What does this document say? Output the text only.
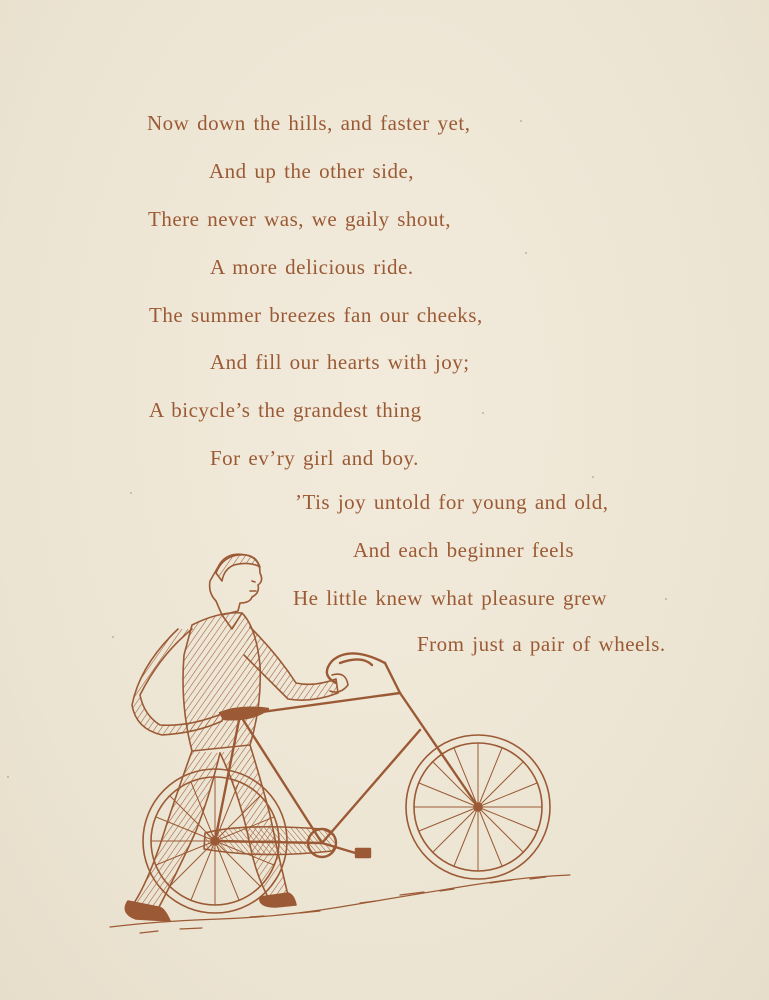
Now down the hills, and faster yet,
And up the other side,
There never was, we gaily shout,
A more delicious ride.
The summer breezes fan our cheeks,
And fill our hearts with joy;
A bicycle’s the grandest thing
For ev’ry girl and boy.
’Tis joy untold for young and old,
And each beginner feels
He little knew what pleasure grew
From just a pair of wheels.
